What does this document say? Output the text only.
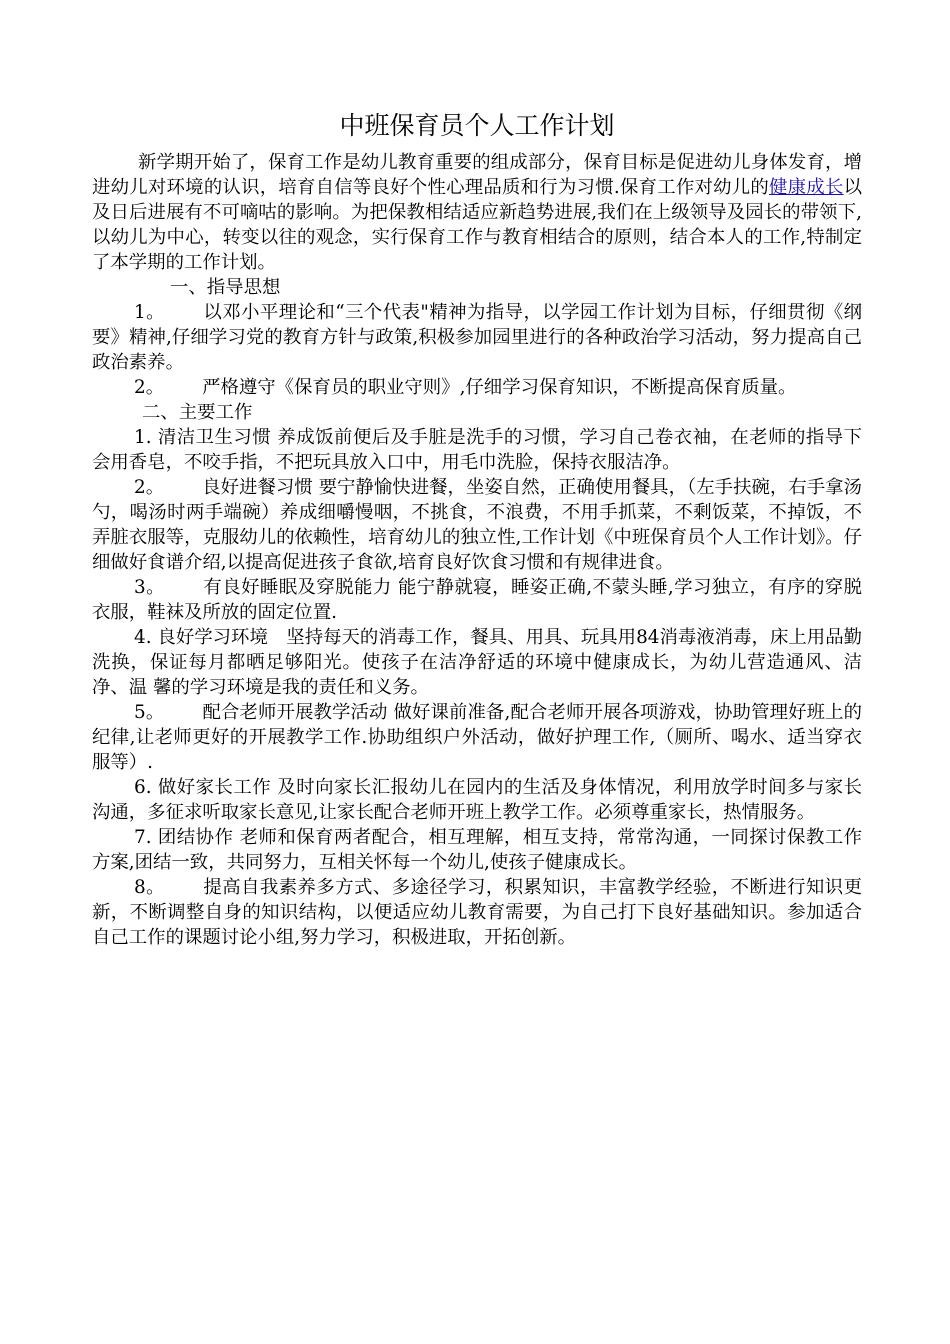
中班保育员个人工作计划

新学期开始了，保育工作是幼儿教育重要的组成部分，保育目标是促进幼儿身体发育，增进幼儿对环境的认识，培育自信等良好个性心理品质和行为习惯.保育工作对幼儿的健康成长以及日后进展有不可嘀咕的影响。为把保教相结适应新趋势进展,我们在上级领导及园长的带领下,以幼儿为中心，转变以往的观念，实行保育工作与教育相结合的原则，结合本人的工作,特制定了本学期的工作计划。

一、指导思想

1。 以邓小平理论和“三个代表"精神为指导，以学园工作计划为目标，仔细贯彻《纲要》精神,仔细学习党的教育方针与政策,积极参加园里进行的各种政治学习活动，努力提高自己政治素养。

2。 严格遵守《保育员的职业守则》,仔细学习保育知识，不断提高保育质量。

二、主要工作

1. 清洁卫生习惯 养成饭前便后及手脏是洗手的习惯，学习自己卷衣袖，在老师的指导下会用香皂，不咬手指，不把玩具放入口中，用毛巾洗脸，保持衣服洁净。

2。 良好进餐习惯 要宁静愉快进餐，坐姿自然，正确使用餐具，（左手扶碗，右手拿汤勺，喝汤时两手端碗）养成细嚼慢咽，不挑食，不浪费，不用手抓菜，不剩饭菜，不掉饭，不弄脏衣服等，克服幼儿的依赖性，培育幼儿的独立性,工作计划《中班保育员个人工作计划》。仔细做好食谱介绍,以提高促进孩子食欲,培育良好饮食习惯和有规律进食。

3。 有良好睡眠及穿脱能力 能宁静就寝，睡姿正确,不蒙头睡,学习独立，有序的穿脱衣服，鞋袜及所放的固定位置.

4. 良好学习环境　坚持每天的消毒工作，餐具、用具、玩具用84消毒液消毒，床上用品勤洗换，保证每月都晒足够阳光。使孩子在洁净舒适的环境中健康成长，为幼儿营造通风、洁净、温 馨的学习环境是我的责任和义务。

5。 配合老师开展教学活动 做好课前准备,配合老师开展各项游戏，协助管理好班上的纪律,让老师更好的开展教学工作.协助组织户外活动，做好护理工作,（厕所、喝水、适当穿衣服等）.

6. 做好家长工作 及时向家长汇报幼儿在园内的生活及身体情况，利用放学时间多与家长沟通，多征求听取家长意见,让家长配合老师开班上教学工作。必须尊重家长，热情服务。

7. 团结协作 老师和保育两者配合，相互理解，相互支持，常常沟通，一同探讨保教工作方案,团结一致，共同努力，互相关怀每一个幼儿,使孩子健康成长。

8。 提高自我素养多方式、多途径学习，积累知识，丰富教学经验，不断进行知识更新，不断调整自身的知识结构，以便适应幼儿教育需要，为自己打下良好基础知识。参加适合自己工作的课题讨论小组,努力学习，积极进取，开拓创新。
